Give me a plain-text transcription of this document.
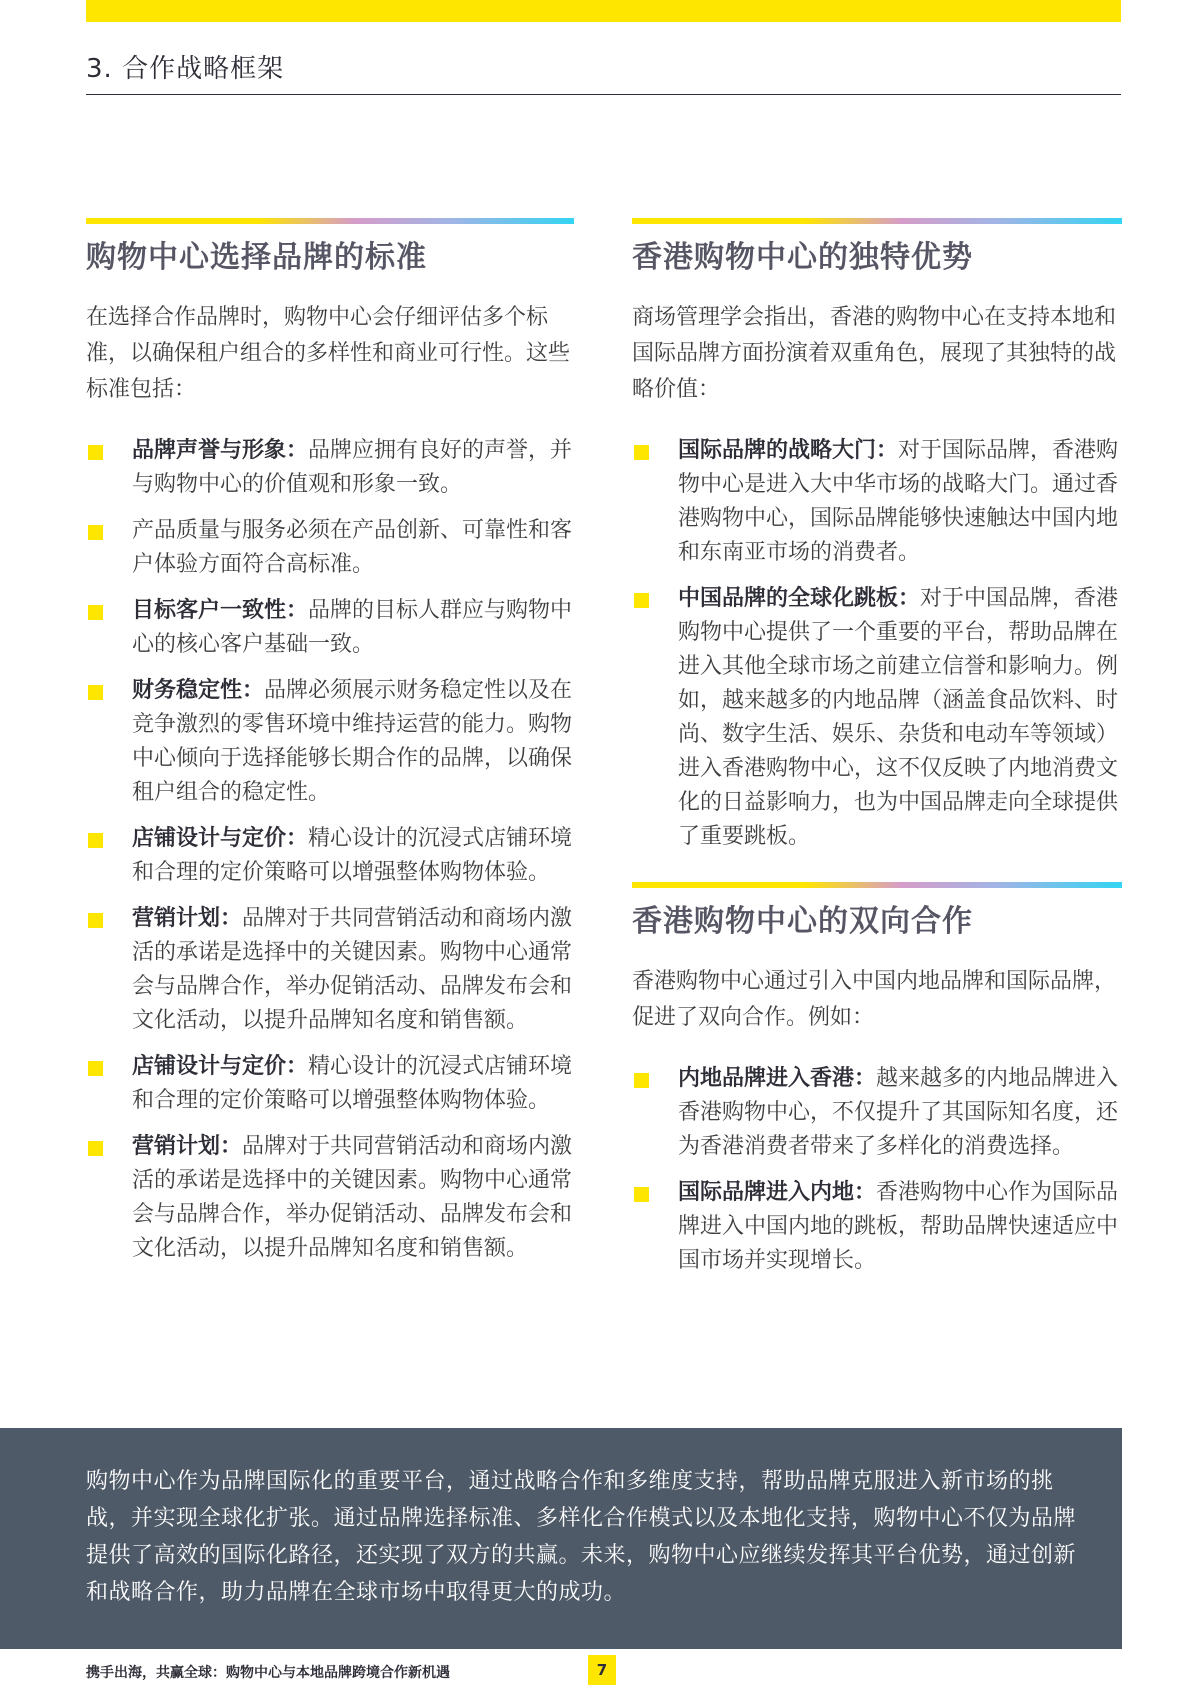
3. 合作战略框架
购物中心选择品牌的标准

在选择合作品牌时，购物中心会仔细评估多个标准，以确保租户组合的多样性和商业可行性。这些标准包括：

品牌声誉与形象：品牌应拥有良好的声誉，并与购物中心的价值观和形象一致。
产品质量与服务必须在产品创新、可靠性和客户体验方面符合高标准。
目标客户一致性：品牌的目标人群应与购物中心的核心客户基础一致。
财务稳定性：品牌必须展示财务稳定性以及在竞争激烈的零售环境中维持运营的能力。购物中心倾向于选择能够长期合作的品牌，以确保租户组合的稳定性。
店铺设计与定价：精心设计的沉浸式店铺环境和合理的定价策略可以增强整体购物体验。
营销计划：品牌对于共同营销活动和商场内激活的承诺是选择中的关键因素。购物中心通常会与品牌合作，举办促销活动、品牌发布会和文化活动，以提升品牌知名度和销售额。
店铺设计与定价：精心设计的沉浸式店铺环境和合理的定价策略可以增强整体购物体验。
营销计划：品牌对于共同营销活动和商场内激活的承诺是选择中的关键因素。购物中心通常会与品牌合作，举办促销活动、品牌发布会和文化活动，以提升品牌知名度和销售额。
香港购物中心的独特优势

商场管理学会指出，香港的购物中心在支持本地和国际品牌方面扮演着双重角色，展现了其独特的战略价值：

国际品牌的战略大门：对于国际品牌，香港购物中心是进入大中华市场的战略大门。通过香港购物中心，国际品牌能够快速触达中国内地和东南亚市场的消费者。
中国品牌的全球化跳板：对于中国品牌，香港购物中心提供了一个重要的平台，帮助品牌在进入其他全球市场之前建立信誉和影响力。例如，越来越多的内地品牌（涵盖食品饮料、时尚、数字生活、娱乐、杂货和电动车等领域）进入香港购物中心，这不仅反映了内地消费文化的日益影响力，也为中国品牌走向全球提供了重要跳板。
香港购物中心的双向合作

香港购物中心通过引入中国内地品牌和国际品牌，促进了双向合作。例如：

内地品牌进入香港：越来越多的内地品牌进入香港购物中心，不仅提升了其国际知名度，还为香港消费者带来了多样化的消费选择。
国际品牌进入内地：香港购物中心作为国际品牌进入中国内地的跳板，帮助品牌快速适应中国市场并实现增长。
购物中心作为品牌国际化的重要平台，通过战略合作和多维度支持，帮助品牌克服进入新市场的挑战，并实现全球化扩张。通过品牌选择标准、多样化合作模式以及本地化支持，购物中心不仅为品牌提供了高效的国际化路径，还实现了双方的共赢。未来，购物中心应继续发挥其平台优势，通过创新和战略合作，助力品牌在全球市场中取得更大的成功。
携手出海，共赢全球：购物中心与本地品牌跨境合作新机遇	7
